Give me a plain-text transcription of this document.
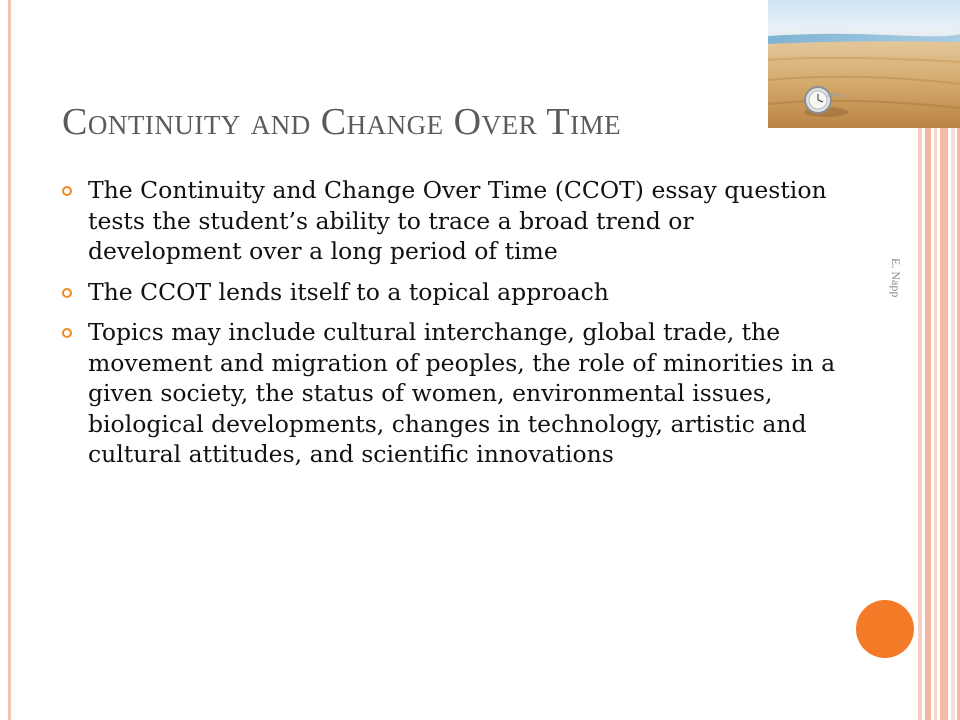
Continuity and Change Over Time
The Continuity and Change Over Time (CCOT) essay question tests the student’s ability to trace a broad trend or development over a long period of time
The CCOT lends itself to a topical approach
Topics may include cultural interchange, global trade, the movement and migration of peoples, the role of minorities in a given society, the status of women, environmental issues, biological developments, changes in technology, artistic and cultural attitudes, and scientific innovations
E. Napp
